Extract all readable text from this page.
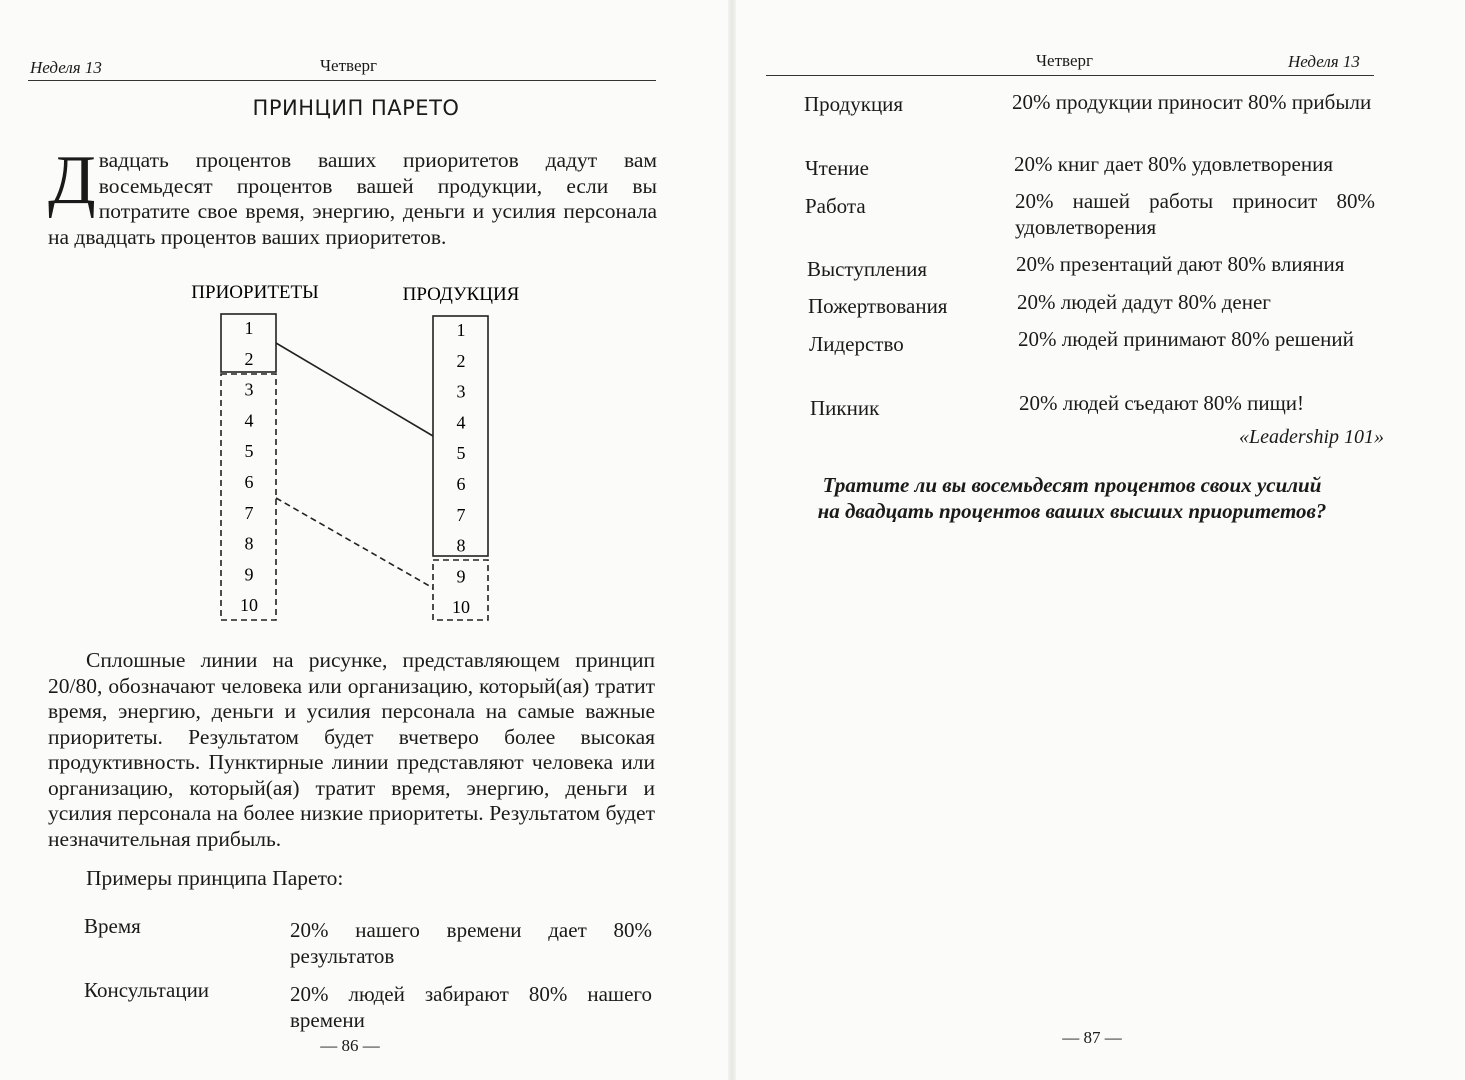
Неделя 13	Четверг
ПРИНЦИП ПАРЕТО
Двадцать процентов ваших приоритетов дадут вам восемьдесят процентов вашей продукции, если вы потратите свое время, энергию, деньги и усилия персонала на двадцать процентов ваших приоритетов.
ПРИОРИТЕТЫ	ПРОДУКЦИЯ
1
2
3
4
5
6
7
8
9
10
1
2
3
4
5
6
7
8
9
10
Сплошные линии на рисунке, представляющем принцип 20/80, обозначают человека или организацию, который(ая) тратит время, энергию, деньги и усилия персонала на самые важные приоритеты. Результатом будет вчетверо более высокая продуктивность. Пунктирные линии представляют человека или организацию, который(ая) тратит время, энергию, деньги и усилия персонала на более низкие приоритеты. Результатом будет незначительная прибыль.
Примеры принципа Парето:
Время	20% нашего времени дает 80% результатов
Консультации	20% людей забирают 80% нашего времени
— 86 —
Четверг	Неделя 13
Продукция	20% продукции приносит 80% прибыли
Чтение	20% книг дает 80% удовлетворения
Работа	20% нашей работы приносит 80% удовлетворения
Выступления	20% презентаций дают 80% влияния
Пожертвования	20% людей дадут 80% денег
Лидерство	20% людей принимают 80% решений
Пикник	20% людей съедают 80% пищи!
«Leadership 101»
Тратите ли вы восемьдесят процентов своих усилий
на двадцать процентов ваших высших приоритетов?
— 87 —
